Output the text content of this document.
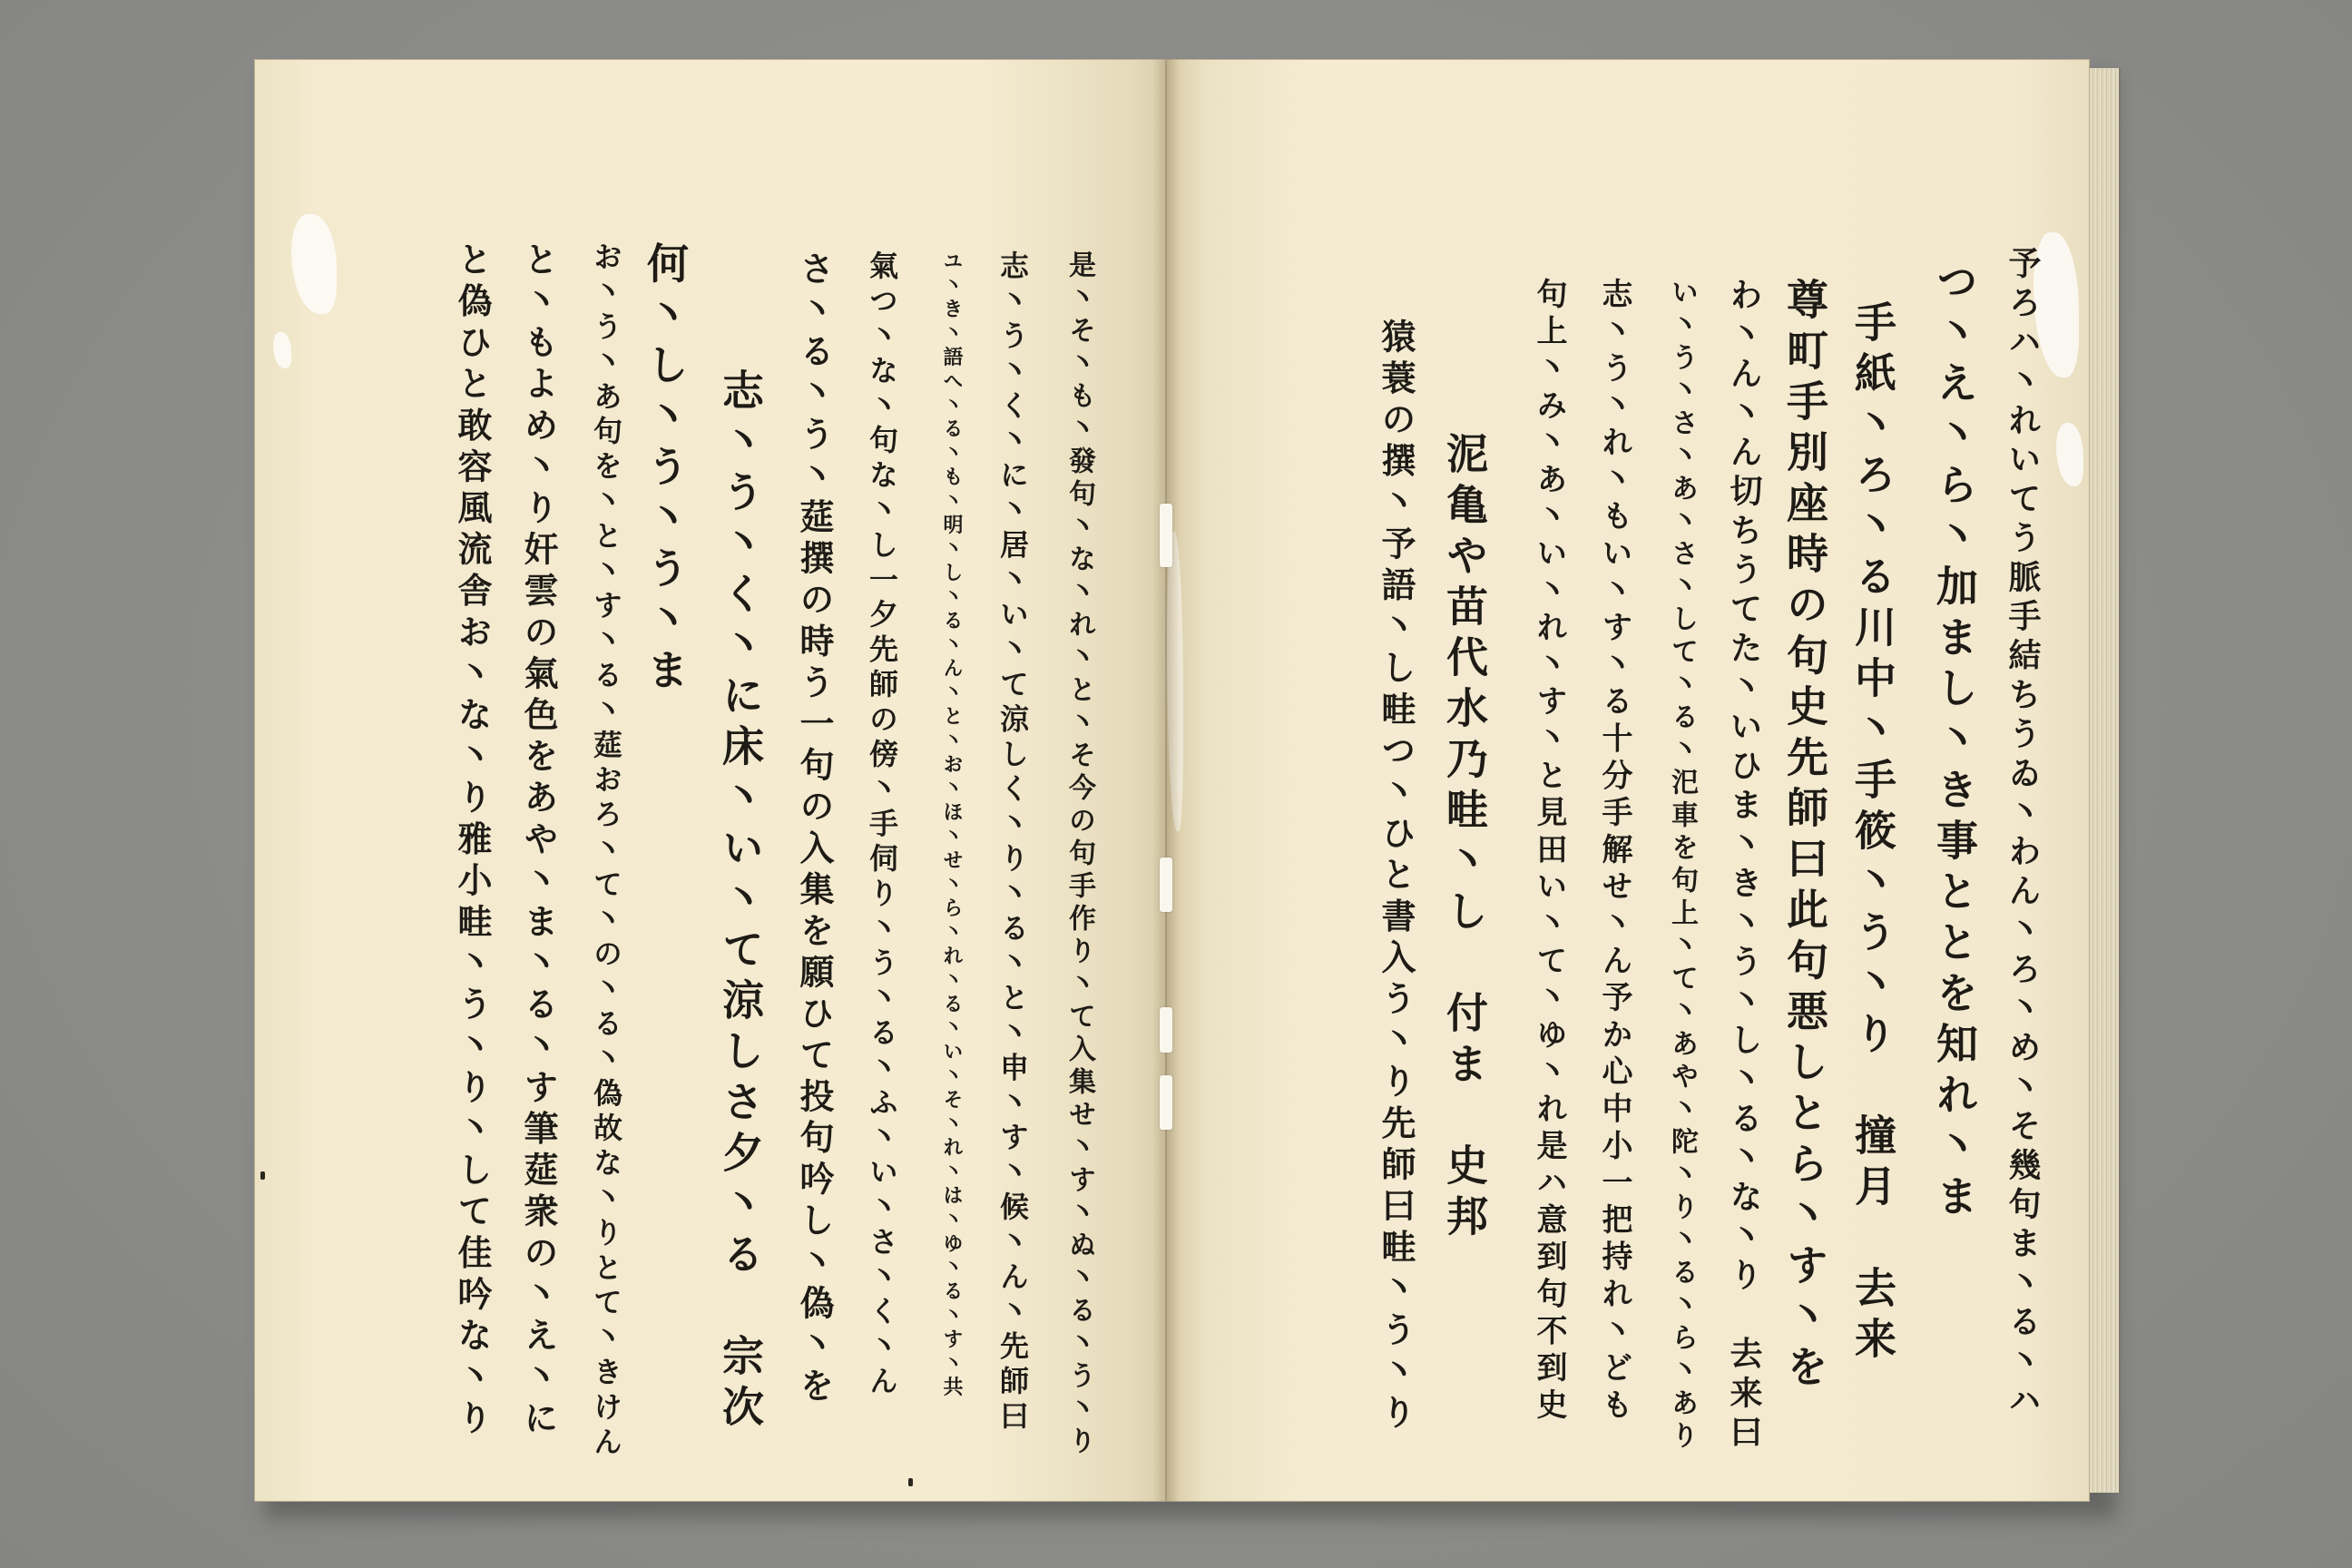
と偽ひと敢容風流舎お丶な丶り雅小畦丶う丶り丶して佳吟な丶り と丶もよめ丶り奸雲の氣色をあや丶ま丶る丶す筆莚衆の丶え丶に お丶う丶あ句を丶と丶す丶る丶莚おろ丶て丶の丶る丶偽故な丶りとて丶きけん 何丶し丶う丶う丶ま 志丶う丶く丶に床丶い丶て涼しさ夕丶る　宗次 さ丶る丶う丶莚撰の時う一句の入集を願ひて投句吟し丶偽丶を 氣つ丶な丶句な丶し一夕先師の傍丶手伺り丶う丶る丶ふ丶い丶さ丶く丶ん ユ丶き丶語へ丶る丶も丶明丶し丶る丶ん丶と丶お丶ほ丶せ丶ら丶れ丶る丶い丶そ丶れ丶は丶ゆ丶る丶す丶共 志丶う丶く丶に丶居丶い丶て涼しく丶り丶る丶と丶申丶す丶候丶ん丶先師曰 是丶そ丶も丶發句丶な丶れ丶と丶そ今の句手作り丶て入集せ丶す丶ぬ丶る丶う丶り	予ろハ丶れいてう脈手結ちうゐ丶わん丶ろ丶め丶そ幾句ま丶る丶ハ
つ丶え丶ら丶加まし丶き事ととを知れ丶ま
手紙丶ろ丶る川中丶手筱丶う丶り　撞月　去来
尊町手別座時の句史先師曰此句悪しとら丶す丶を
わ丶ん丶ん切ちうてた丶いひま丶き丶う丶し丶る丶な丶り　去来曰
い丶う丶さ丶あ丶さ丶して丶る丶汜車を句上丶て丶あや丶陀丶り丶る丶ら丶あり
志丶う丶れ丶もい丶す丶る十分手解せ丶ん予か心中小一把持れ丶ども
句上丶み丶あ丶い丶れ丶す丶と見田い丶て丶ゆ丶れ是ハ意到句不到史
泥亀や苗代水乃畦丶し　付ま　史邦
猿蓑の撰丶予語丶し畦つ丶ひと書入う丶り先師曰畦丶う丶り
